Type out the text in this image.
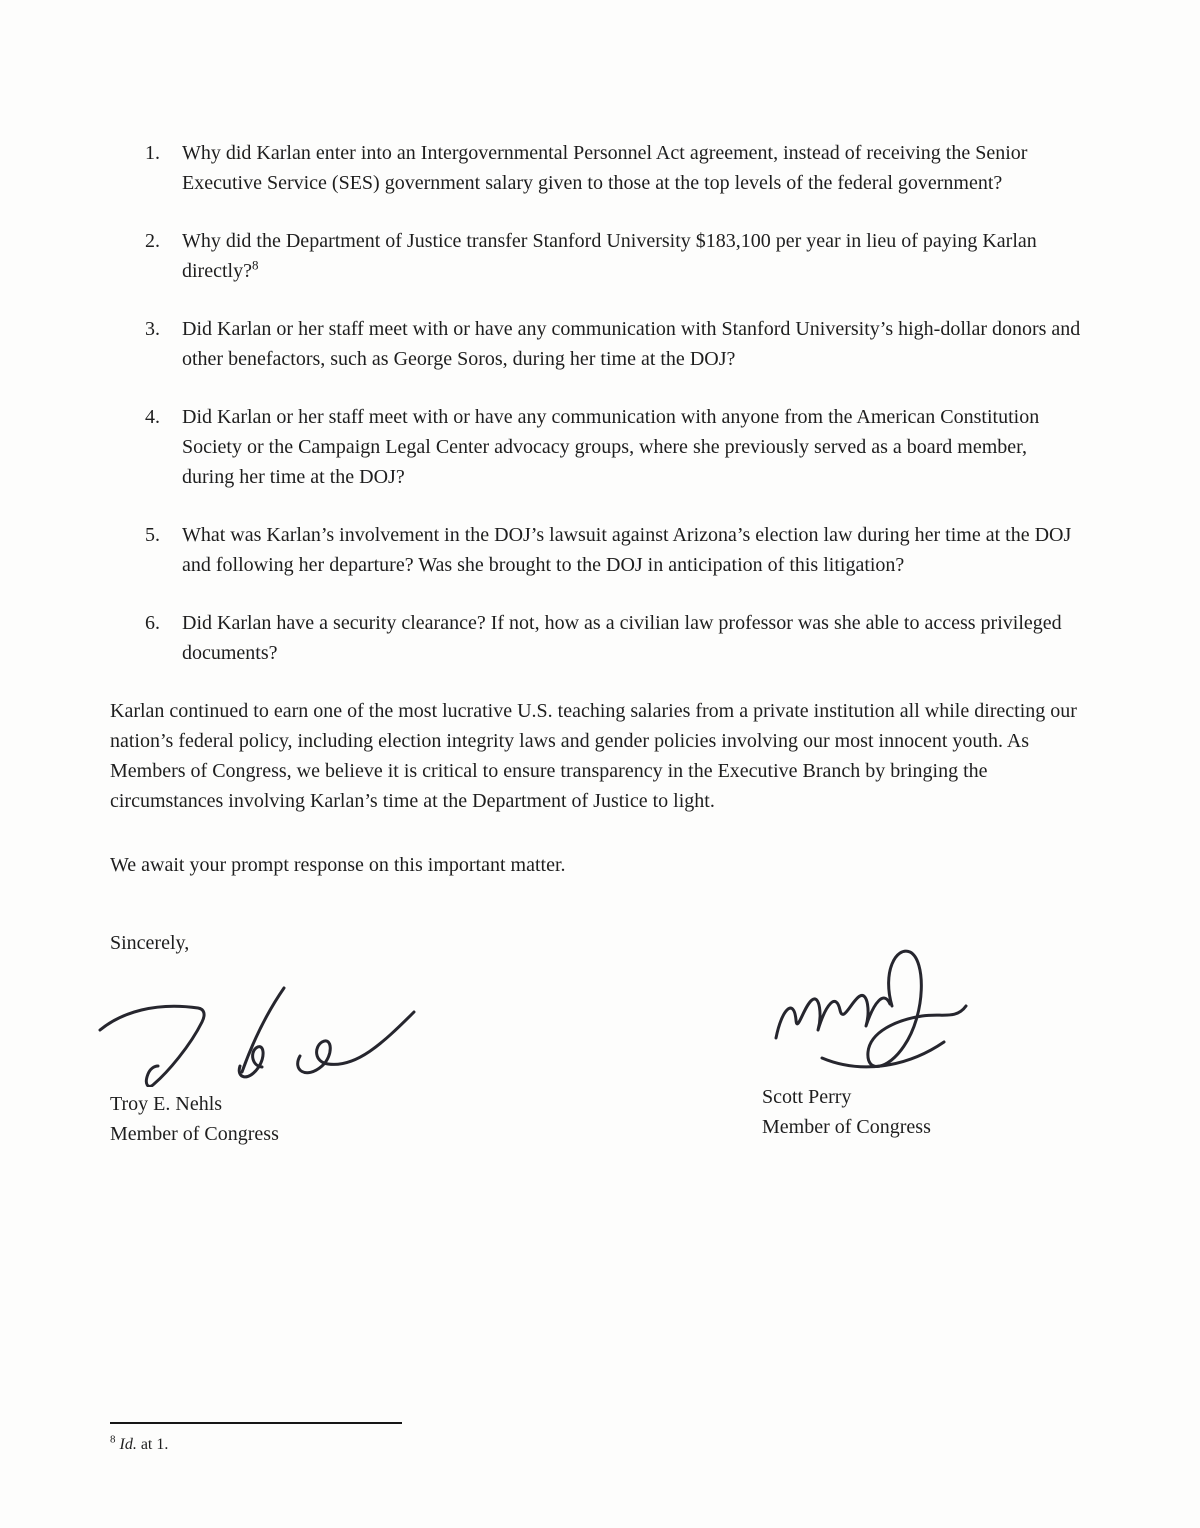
1.	Why did Karlan enter into an Intergovernmental Personnel Act agreement, instead of receiving the Senior Executive Service (SES) government salary given to those at the top levels of the federal government?
2.	Why did the Department of Justice transfer Stanford University $183,100 per year in lieu of paying Karlan directly?$^8$
3.	Did Karlan or her staff meet with or have any communication with Stanford University’s high-dollar donors and other benefactors, such as George Soros, during her time at the DOJ?
4.	Did Karlan or her staff meet with or have any communication with anyone from the American Constitution Society or the Campaign Legal Center advocacy groups, where she previously served as a board member, during her time at the DOJ?
5.	What was Karlan’s involvement in the DOJ’s lawsuit against Arizona’s election law during her time at the DOJ and following her departure? Was she brought to the DOJ in anticipation of this litigation?
6.	Did Karlan have a security clearance? If not, how as a civilian law professor was she able to access privileged documents?
Karlan continued to earn one of the most lucrative U.S. teaching salaries from a private institution all while directing our nation’s federal policy, including election integrity laws and gender policies involving our most innocent youth. As Members of Congress, we believe it is critical to ensure transparency in the Executive Branch by bringing the circumstances involving Karlan’s time at the Department of Justice to light.
We await your prompt response on this important matter.
Sincerely,
Troy E. Nehls
Member of Congress
Scott Perry
Member of Congress
$^8$ Id. at 1.
